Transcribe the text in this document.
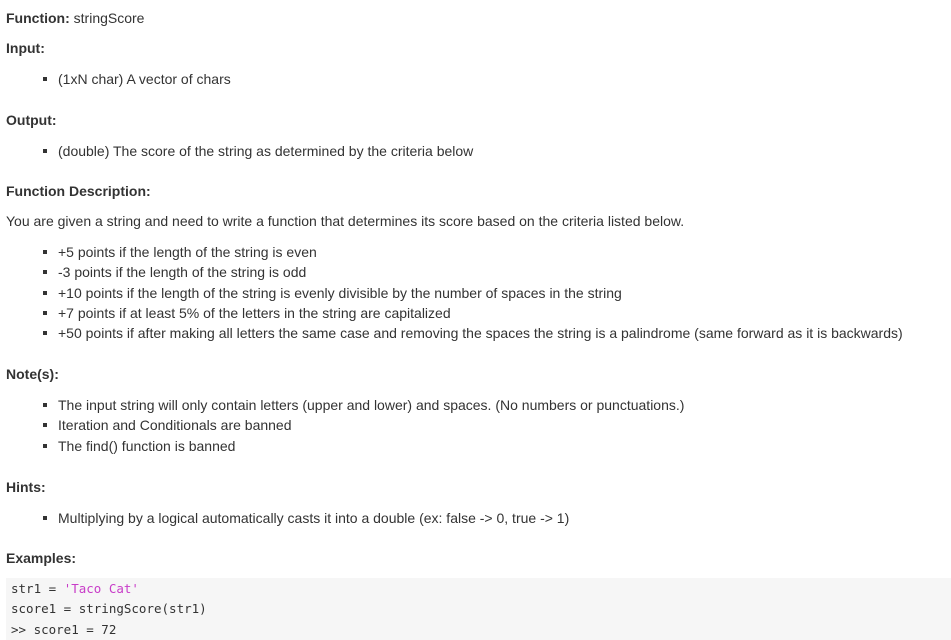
Function: stringScore
Input:
(1xN char) A vector of chars
Output:
(double) The score of the string as determined by the criteria below
Function Description:
You are given a string and need to write a function that determines its score based on the criteria listed below.
+5 points if the length of the string is even
-3 points if the length of the string is odd
+10 points if the length of the string is evenly divisible by the number of spaces in the string
+7 points if at least 5% of the letters in the string are capitalized
+50 points if after making all letters the same case and removing the spaces the string is a palindrome (same forward as it is backwards)
Note(s):
The input string will only contain letters (upper and lower) and spaces. (No numbers or punctuations.)
Iteration and Conditionals are banned
The find() function is banned
Hints:
Multiplying by a logical automatically casts it into a double (ex: false -> 0, true -> 1)
Examples:
str1 = 'Taco Cat'
score1 = stringScore(str1)
>> score1 = 72
